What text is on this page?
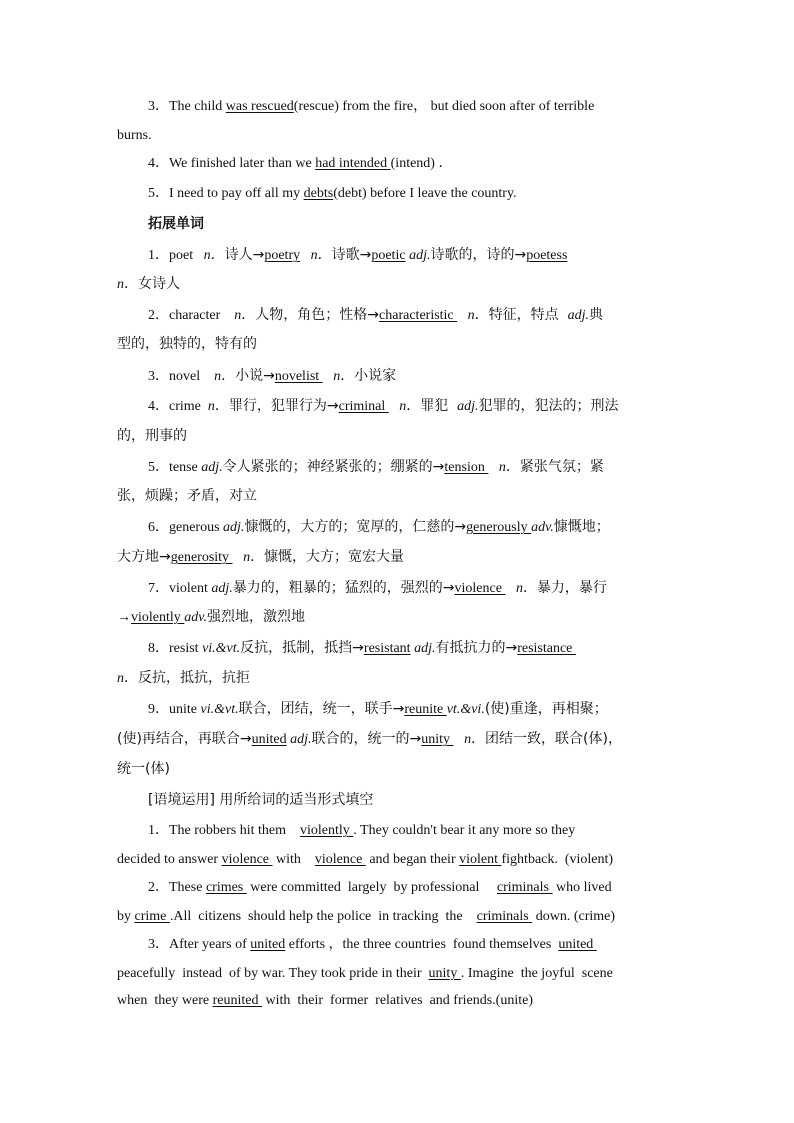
3．The child was rescued(rescue) from the fire， but died soon after of terrible
burns.
4．We finished later than we had intended (intend) ．
5．I need to pay off all my debts(debt) before I leave the country.
拓展单词
1．poet   n．诗人→poetry n．诗歌→poetic adj.诗歌的，诗的→poetess
n．女诗人
2．character    n．人物，角色；性格→characteristic    n．特征，特点  adj.典
型的，独特的，特有的
3．novel    n．小说→novelist    n．小说家
4．crime  n．罪行，犯罪行为→criminal    n．罪犯  adj.犯罪的，犯法的；刑法
的，刑事的
5．tense adj.令人紧张的；神经紧张的；绷紧的→tension    n．紧张气氛；紧
张，烦躁；矛盾，对立
6．generous adj.慷慨的，大方的；宽厚的，仁慈的→generously adv.慷慨地；
大方地→generosity    n．慷慨，大方；宽宏大量
7．violent adj.暴力的，粗暴的；猛烈的，强烈的→violence    n．暴力，暴行
→violently adv.强烈地，激烈地
8．resist vi.&vt.反抗，抵制，抵挡→resistant adj.有抵抗力的→resistance
n．反抗，抵抗，抗拒
9．unite vi.&vt.联合，团结，统一，联手→reunite vt.&vi.(使)重逢，再相聚；
(使)再结合，再联合→united adj.联合的，统一的→unity    n．团结一致，联合(体)，
统一(体)
[语境运用] 用所给词的适当形式填空
1．The robbers hit them    violently . They couldn't bear it any more so they
decided to answer violence  with    violence  and began their violent fightback.  (violent)
2．These crimes  were committed  largely  by professional     criminals  who lived
by crime .All  citizens  should help the police  in tracking  the    criminals  down. (crime)
3．After years of united efforts ，the three countries  found themselves  united
peacefully  instead  of by war. They took pride in their  unity . Imagine  the joyful  scene
when  they were reunited  with  their  former  relatives  and friends.(unite)
